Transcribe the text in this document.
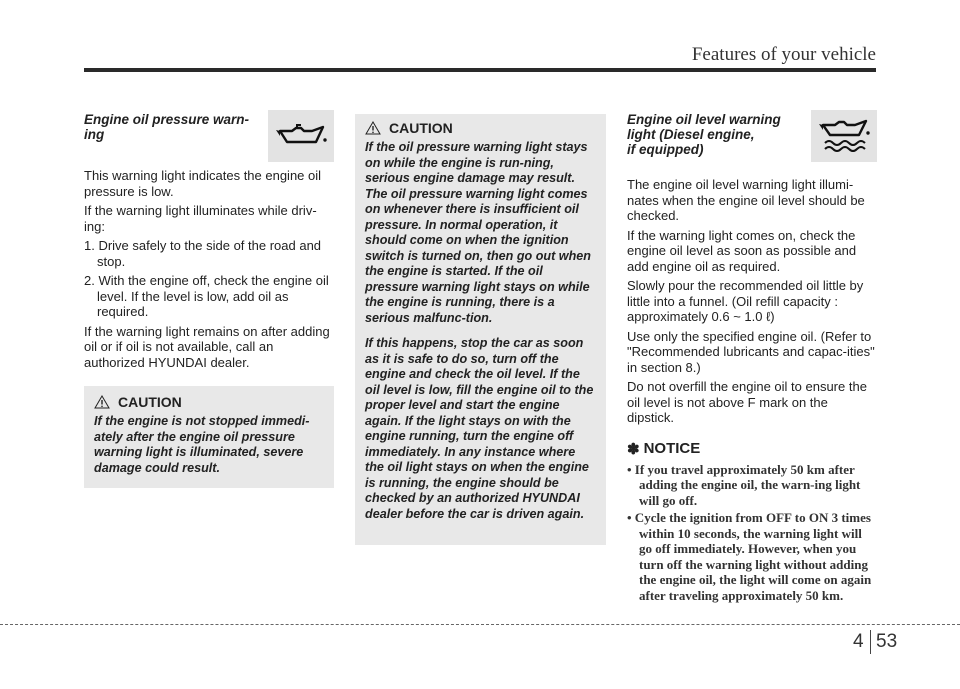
Features of your vehicle
Engine oil pressure warn-ing

This warning light indicates the engine oil pressure is low.

If the warning light illuminates while driv-ing:

1. Drive safely to the side of the road and stop.
2. With the engine off, check the engine oil level. If the level is low, add oil as required.

If the warning light remains on after adding oil or if oil is not available, call an authorized HYUNDAI dealer.

CAUTION
If the engine is not stopped immedi-ately after the engine oil pressure warning light is illuminated, severe damage could result.
CAUTION

If the oil pressure warning light stays on while the engine is run-ning, serious engine damage may result. The oil pressure warning light comes on whenever there is insufficient oil pressure. In normal operation, it should come on when the ignition switch is turned on, then go out when the engine is started. If the oil pressure warning light stays on while the engine is running, there is a serious malfunc-tion.

If this happens, stop the car as soon as it is safe to do so, turn off the engine and check the oil level. If the oil level is low, fill the engine oil to the proper level and start the engine again. If the light stays on with the engine running, turn the engine off immediately. In any instance where the oil light stays on when the engine is running, the engine should be checked by an authorized HYUNDAI dealer before the car is driven again.

Engine oil level warning
light (Diesel engine,
if equipped)

The engine oil level warning light illumi-nates when the engine oil level should be checked.

If the warning light comes on, check the engine oil level as soon as possible and add engine oil as required.

Slowly pour the recommended oil little by little into a funnel. (Oil refill capacity : approximately 0.6 ~ 1.0 ℓ)

Use only the specified engine oil. (Refer to "Recommended lubricants and capac-ities" in section 8.)

Do not overfill the engine oil to ensure the oil level is not above F mark on the dipstick.

✽ NOTICE
• If you travel approximately 50 km after adding the engine oil, the warn-ing light will go off.
• Cycle the ignition from OFF to ON 3 times within 10 seconds, the warning light will go off immediately. However, when you turn off the warning light without adding the engine oil, the light will come on again after traveling approximately 50 km.
4 53
